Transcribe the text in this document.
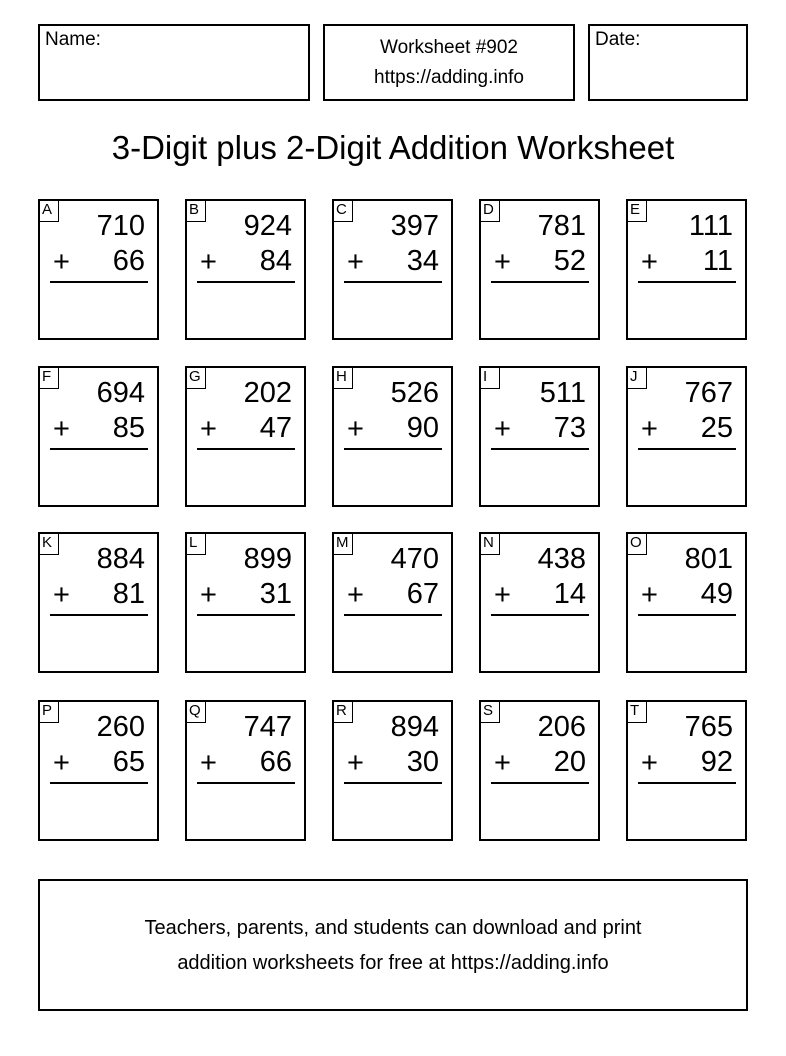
Name:	Worksheet #902
https://adding.info
Date:
3-Digit plus 2-Digit Addition Worksheet
A
710
+ 66
B
924
+ 84
C
397
+ 34
D
781
+ 52
E
111
+ 11
F
694
+ 85
G
202
+ 47
H
526
+ 90
I
511
+ 73
J
767
+ 25
K
884
+ 81
L
899
+ 31
M
470
+ 67
N
438
+ 14
O
801
+ 49
P
260
+ 65
Q
747
+ 66
R
894
+ 30
S
206
+ 20
T
765
+ 92
Teachers, parents, and students can download and print
addition worksheets for free at https://adding.info
